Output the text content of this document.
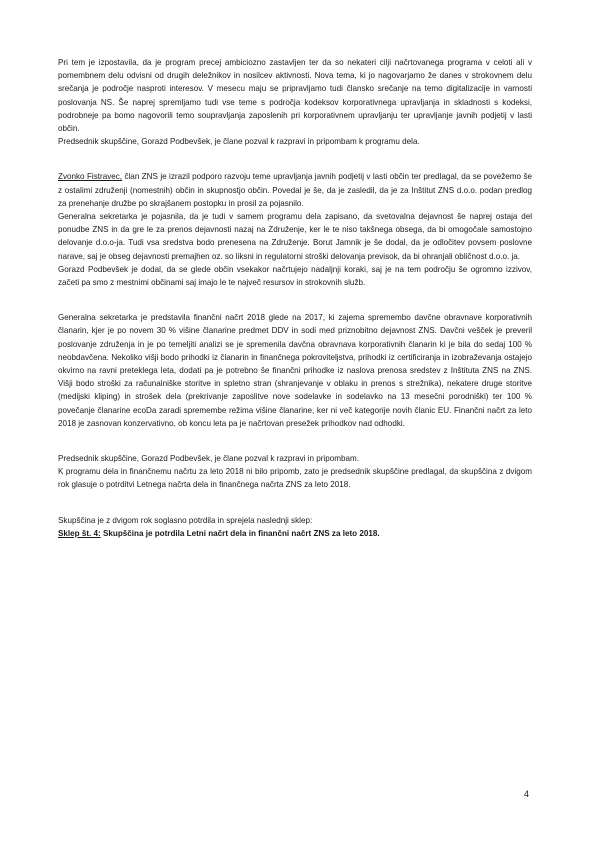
Pri tem je izpostavila, da je program precej ambiciozno zastavljen ter da so nekateri cilji načrtovanega programa v celoti ali v pomembnem delu odvisni od drugih deležnikov in nosilcev aktivnosti. Nova tema, ki jo nagovarjamo že danes v strokovnem delu srečanja je področje nasproti interesov. V mesecu maju se pripravljamo tudi člansko srečanje na temo digitalizacije in varnosti poslovanja NS. Še naprej spremljamo tudi vse teme s področja kodeksov korporativnega upravljanja in skladnosti s kodeksi, podrobneje pa bomo nagovorili temo soupravljanja zaposlenih pri korporativnem upravljanju ter upravljanje javnih podjetij v lasti občin.

Predsednik skupščine, Gorazd Podbevšek, je člane pozval k razpravi in pripombam k programu dela.

Zvonko Fistravec, član ZNS je izrazil podporo razvoju teme upravljanja javnih podjetij v lasti občin ter predlagal, da se povežemo še z ostalimi združenji (nomestnih) občin in skupnostjo občin. Povedal je še, da je zasledil, da je za Inštitut ZNS d.o.o. podan predlog za prenehanje družbe po skrajšanem postopku in prosil za pojasnilo.

Generalna sekretarka je pojasnila, da je tudi v samem programu dela zapisano, da svetovalna dejavnost še naprej ostaja del ponudbe ZNS in da gre le za prenos dejavnosti nazaj na Združenje, ker le te niso takšnega obsega, da bi omogočale samostojno delovanje d.o.o-ja. Tudi vsa sredstva bodo prenesena na Združenje. Borut Jamnik je še dodal, da je odločitev povsem poslovne narave, saj je obseg dejavnosti premajhen oz. so liksni in regulatorni stroški delovanja previsok, da bi ohranjali obličnost d.o.o. ja.

Gorazd Podbevšek je dodal, da se glede občin vsekakor načrtujejo nadaljnji koraki, saj je na tem področju še ogromno izzivov, začeti pa smo z mestnimi občinami saj imajo le te največ resursov in strokovnih služb.

Generalna sekretarka je predstavila finančni načrt 2018 glede na 2017, ki zajema spremembo davčne obravnave korporativnih članarin, kjer je po novem 30 % višine članarine predmet DDV in sodi med priznobitno dejavnost ZNS. Davčni vešček je preveril poslovanje združenja in je po temeljiti analizi se je spremenila davčna obravnava korporativnih članarin ki je bila do sedaj 100 % neobdavčena. Nekoliko višji bodo prihodki iz članarin in finančnega pokrovitelјstva, prihodki iz certificiranja in izobraževanja ostajejo okvirno na ravni preteklega leta, dodati pa je potrebno še finančni prihodke iz naslova prenosa sredstev z Inštituta ZNS na ZNS. Višji bodo stroški za računalniške storitve in spletno stran (shranjevanje v oblaku in prenos s strežnika), nekatere druge storitve (medijski kliping) in strošek dela (prekrivanje zaposlitve nove sodelavke in sodelavko na 13 mesečni porodniški) ter 100 % povečanje članarine ecoDa zaradi spremembe režima višine članarine, ker ni več kategorije novih članic EU. Finančni načrt za leto 2018 je zasnovan konzervativno, ob koncu leta pa je načrtovan presežek prihodkov nad odhodki.

Predsednik skupščine, Gorazd Podbevšek, je člane pozval k razpravi in pripombam.

K programu dela in finančnemu načrtu za leto 2018 ni bilo pripomb, zato je predsednik skupščine predlagal, da skupščina z dvigom rok glasuje o potrditvi Letnega načrta dela in finančnega načrta ZNS za leto 2018.

Skupščina je z dvigom rok soglasno potrdila in sprejela naslednji sklep:

Sklep št. 4: Skupščina je potrdila Letni načrt dela in finančni načrt ZNS za leto 2018.

4
